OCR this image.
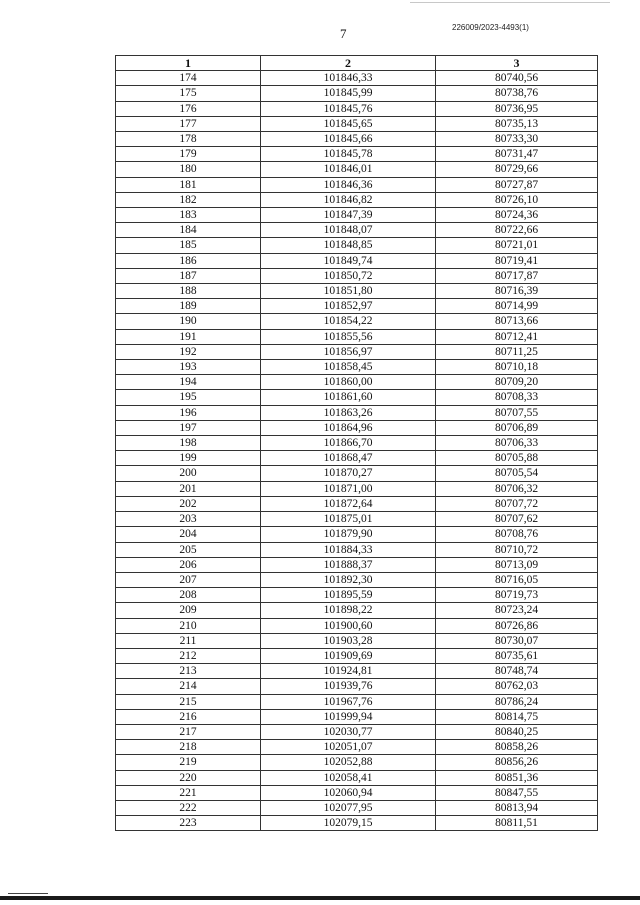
7	226009/2023-4493(1)
1	2	3
174	101846,33	80740,56
175	101845,99	80738,76
176	101845,76	80736,95
177	101845,65	80735,13
178	101845,66	80733,30
179	101845,78	80731,47
180	101846,01	80729,66
181	101846,36	80727,87
182	101846,82	80726,10
183	101847,39	80724,36
184	101848,07	80722,66
185	101848,85	80721,01
186	101849,74	80719,41
187	101850,72	80717,87
188	101851,80	80716,39
189	101852,97	80714,99
190	101854,22	80713,66
191	101855,56	80712,41
192	101856,97	80711,25
193	101858,45	80710,18
194	101860,00	80709,20
195	101861,60	80708,33
196	101863,26	80707,55
197	101864,96	80706,89
198	101866,70	80706,33
199	101868,47	80705,88
200	101870,27	80705,54
201	101871,00	80706,32
202	101872,64	80707,72
203	101875,01	80707,62
204	101879,90	80708,76
205	101884,33	80710,72
206	101888,37	80713,09
207	101892,30	80716,05
208	101895,59	80719,73
209	101898,22	80723,24
210	101900,60	80726,86
211	101903,28	80730,07
212	101909,69	80735,61
213	101924,81	80748,74
214	101939,76	80762,03
215	101967,76	80786,24
216	101999,94	80814,75
217	102030,77	80840,25
218	102051,07	80858,26
219	102052,88	80856,26
220	102058,41	80851,36
221	102060,94	80847,55
222	102077,95	80813,94
223	102079,15	80811,51
